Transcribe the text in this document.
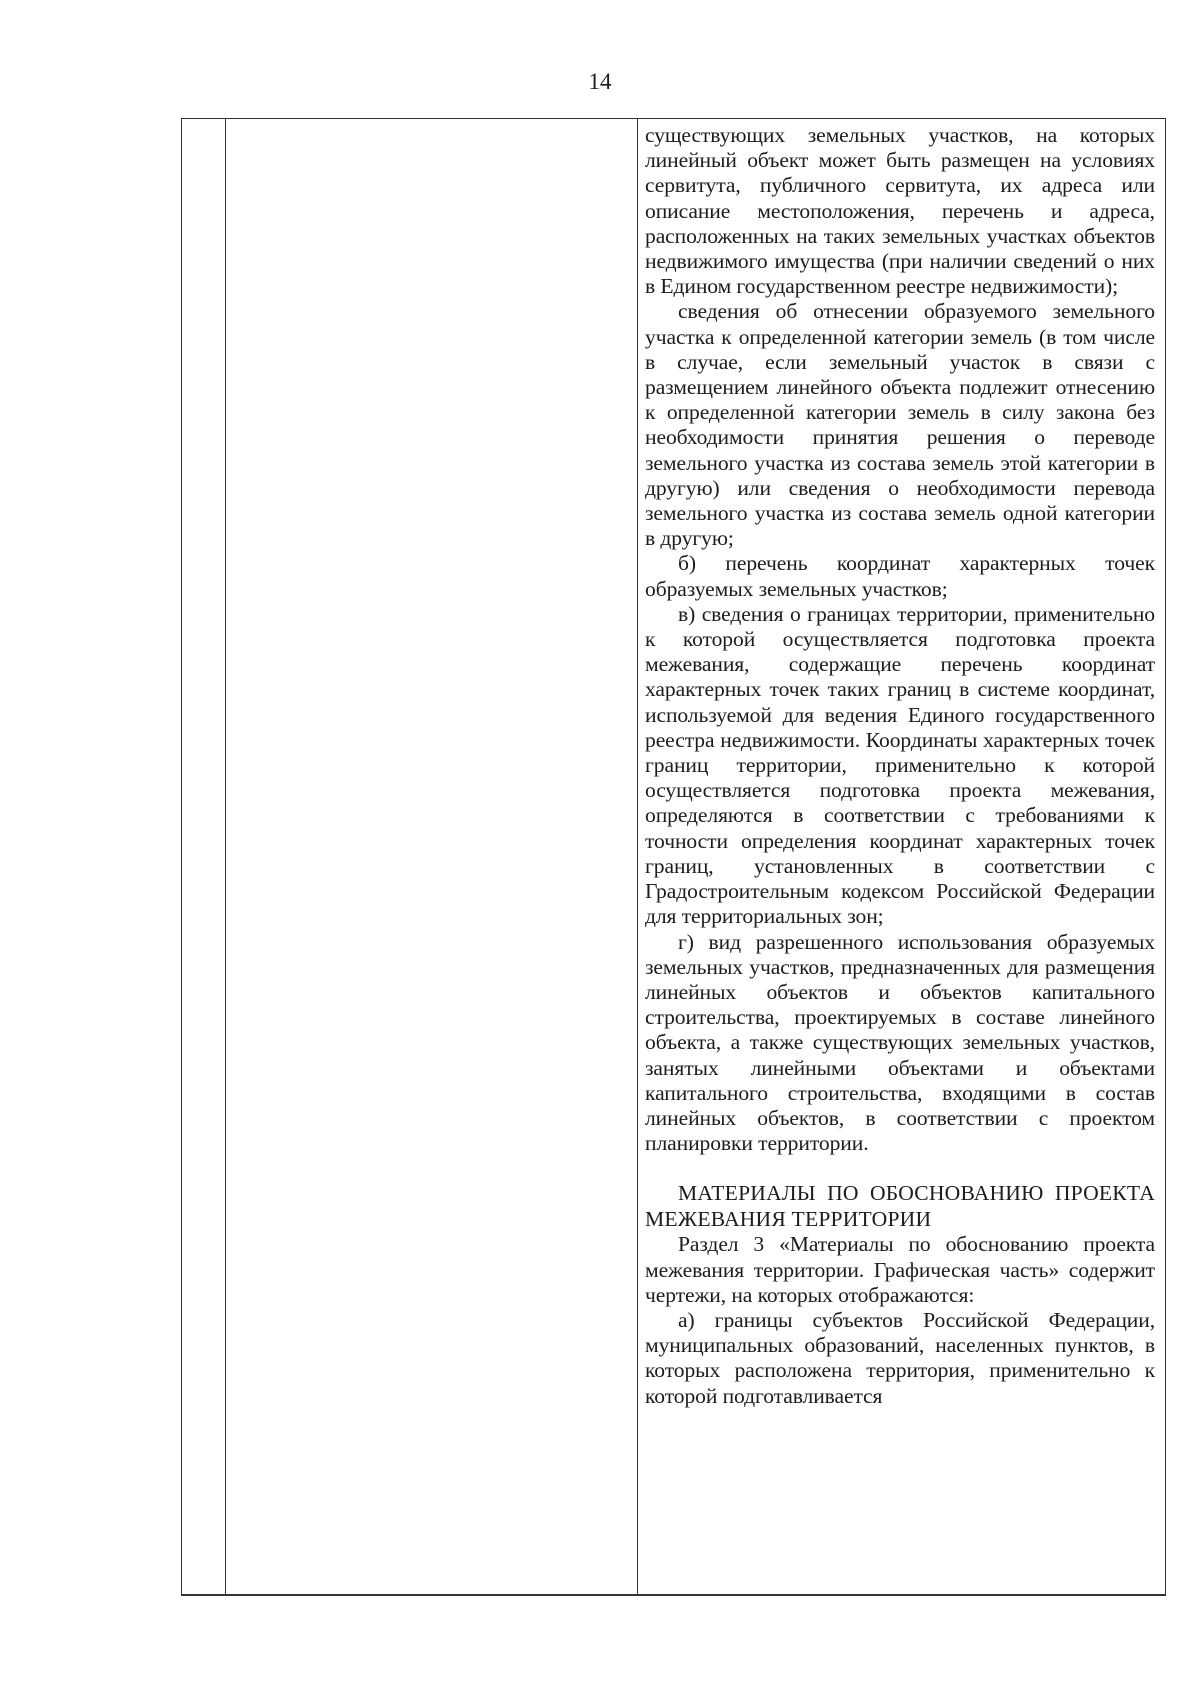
14

существующих земельных участков, на которых линейный объект может быть размещен на условиях сервитута, публичного сервитута, их адреса или описание местоположения, перечень и адреса, расположенных на таких земельных участках объектов недвижимого имущества (при наличии сведений о них в Едином государственном реестре недвижимости);

сведения об отнесении образуемого земельного участка к определенной категории земель (в том числе в случае, если земельный участок в связи с размещением линейного объекта подлежит отнесению к определенной категории земель в силу закона без необходимости принятия решения о переводе земельного участка из состава земель этой категории в другую) или сведения о необходимости перевода земельного участка из состава земель одной категории в другую;

б) перечень координат характерных точек образуемых земельных участков;

в) сведения о границах территории, применительно к которой осуществляется подготовка проекта межевания, содержащие перечень координат характерных точек таких границ в системе координат, используемой для ведения Единого государственного реестра недвижимости. Координаты характерных точек границ территории, применительно к которой осуществляется подготовка проекта межевания, определяются в соответствии с требованиями к точности определения координат характерных точек границ, установленных в соответствии с Градостроительным кодексом Российской Федерации для территориальных зон;

г) вид разрешенного использования образуемых земельных участков, предназначенных для размещения линейных объектов и объектов капитального строительства, проектируемых в составе линейного объекта, а также существующих земельных участков, занятых линейными объектами и объектами капитального строительства, входящими в состав линейных объектов, в соответствии с проектом планировки территории.

МАТЕРИАЛЫ ПО ОБОСНОВАНИЮ ПРОЕКТА МЕЖЕВАНИЯ ТЕРРИТОРИИ

Раздел 3 «Материалы по обоснованию проекта межевания территории. Графическая часть» содержит чертежи, на которых отображаются:

а) границы субъектов Российской Федерации, муниципальных образований, населенных пунктов, в которых расположена территория, применительно к которой подготавливается
